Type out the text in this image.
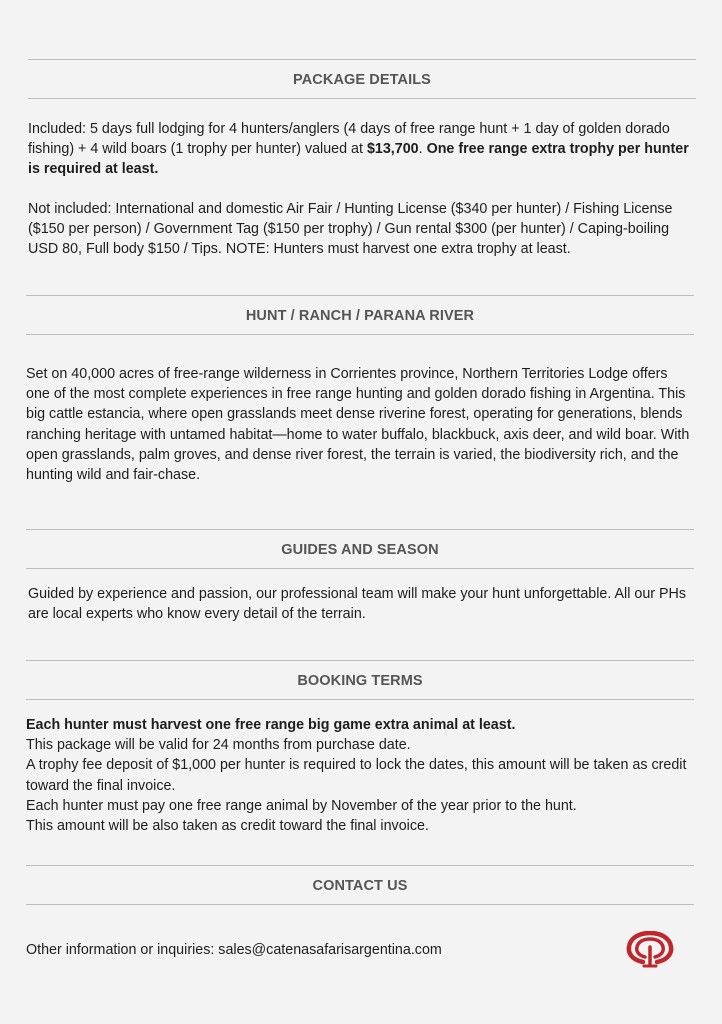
PACKAGE DETAILS

Included: 5 days full lodging for 4 hunters/anglers (4 days of free range hunt + 1 day of golden dorado fishing) + 4 wild boars (1 trophy per hunter) valued at $13,700. One free range extra trophy per hunter is required at least.

Not included: International and domestic Air Fair / Hunting License ($340 per hunter) / Fishing License ($150 per person) / Government Tag ($150 per trophy) / Gun rental $300 (per hunter) / Caping-boiling USD 80, Full body $150 / Tips. NOTE: Hunters must harvest one extra trophy at least.

HUNT / RANCH / PARANA RIVER

Set on 40,000 acres of free-range wilderness in Corrientes province, Northern Territories Lodge offers one of the most complete experiences in free range hunting and golden dorado fishing in Argentina. This big cattle estancia, where open grasslands meet dense riverine forest, operating for generations, blends ranching heritage with untamed habitat—home to water buffalo, blackbuck, axis deer, and wild boar. With open grasslands, palm groves, and dense river forest, the terrain is varied, the biodiversity rich, and the hunting wild and fair-chase.

GUIDES AND SEASON

Guided by experience and passion, our professional team will make your hunt unforgettable. All our PHs are local experts who know every detail of the terrain.

BOOKING TERMS
Each hunter must harvest one free range big game extra animal at least.
This package will be valid for 24 months from purchase date.
A trophy fee deposit of $1,000 per hunter is required to lock the dates, this amount will be taken as credit toward the final invoice.
Each hunter must pay one free range animal by November of the year prior to the hunt.
This amount will be also taken as credit toward the final invoice.
CONTACT US

Other information or inquiries: sales@catenasafarisargentina.com
